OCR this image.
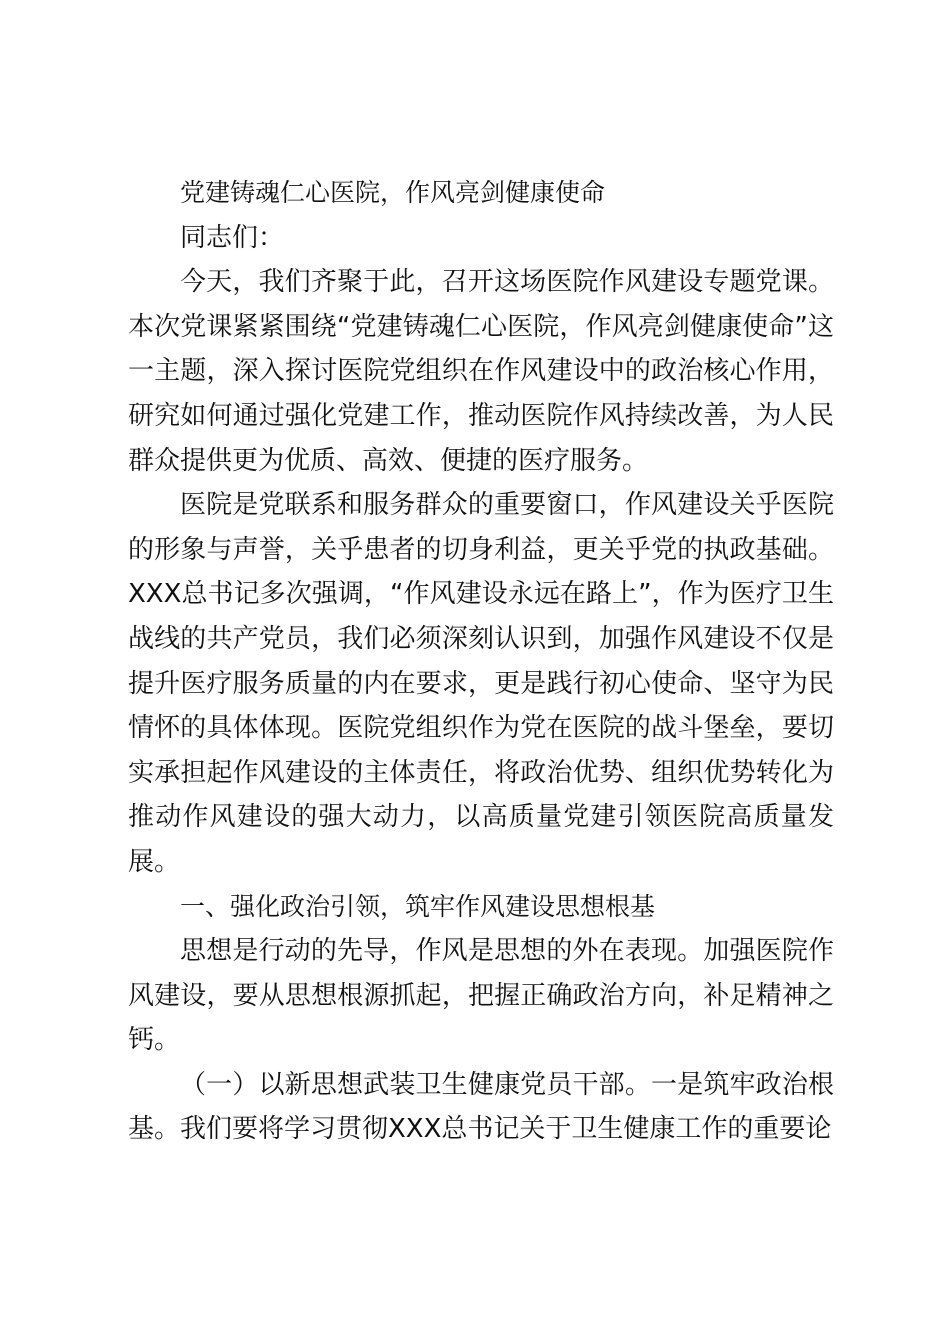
党建铸魂仁心医院，作风亮剑健康使命

同志们：

今天，我们齐聚于此，召开这场医院作风建设专题党课。本次党课紧紧围绕“党建铸魂仁心医院，作风亮剑健康使命”这一主题，深入探讨医院党组织在作风建设中的政治核心作用，研究如何通过强化党建工作，推动医院作风持续改善，为人民群众提供更为优质、高效、便捷的医疗服务。

医院是党联系和服务群众的重要窗口，作风建设关乎医院的形象与声誉，关乎患者的切身利益，更关乎党的执政基础。XXX总书记多次强调，“作风建设永远在路上”，作为医疗卫生战线的共产党员，我们必须深刻认识到，加强作风建设不仅是提升医疗服务质量的内在要求，更是践行初心使命、坚守为民情怀的具体体现。医院党组织作为党在医院的战斗堡垒，要切实承担起作风建设的主体责任，将政治优势、组织优势转化为推动作风建设的强大动力，以高质量党建引领医院高质量发展。

一、强化政治引领，筑牢作风建设思想根基

思想是行动的先导，作风是思想的外在表现。加强医院作风建设，要从思想根源抓起，把握正确政治方向，补足精神之钙。

（一）以新思想武装卫生健康党员干部。一是筑牢政治根基。我们要将学习贯彻XXX总书记关于卫生健康工作的重要论
